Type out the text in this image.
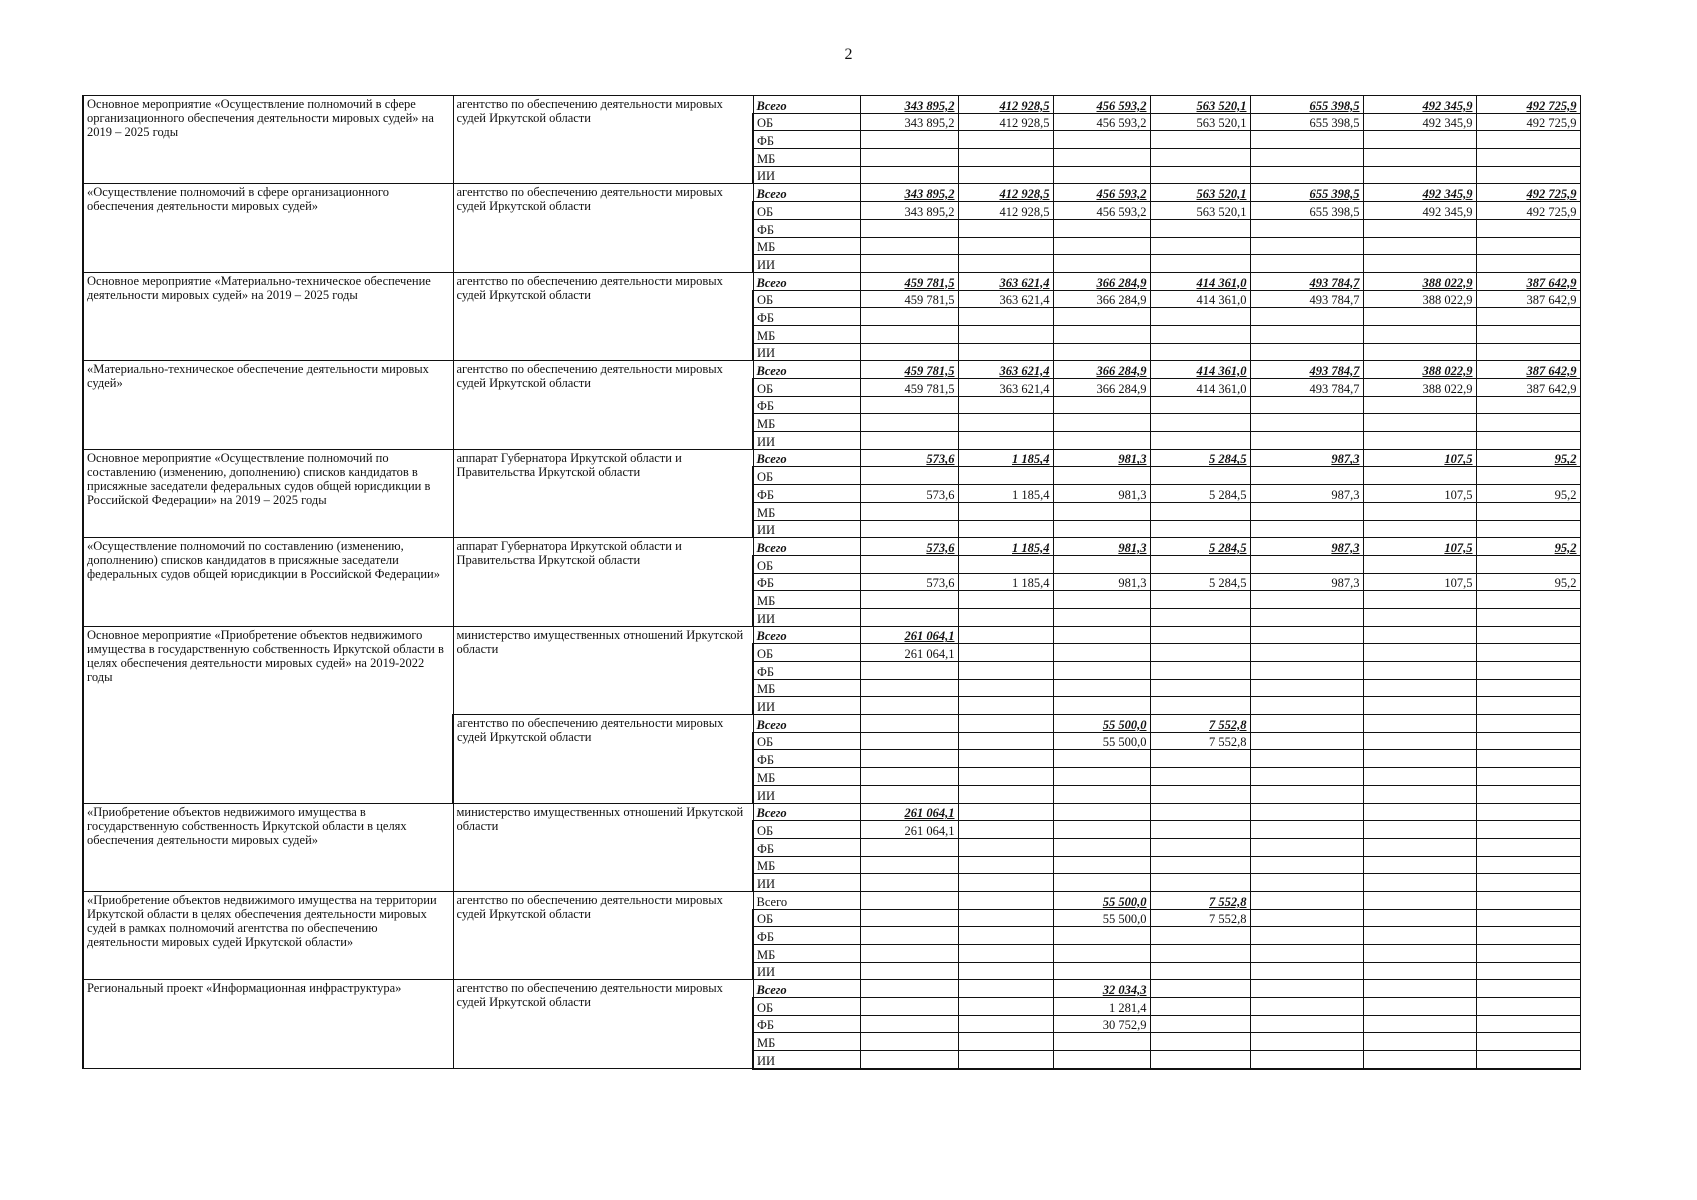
2
Основное мероприятие «Осуществление полномочий в сфере организационного обеспечения деятельности мировых судей» на 2019 – 2025 годы	агентство по обеспечению деятельности мировых судей Иркутской области	Всего	343 895,2	412 928,5	456 593,2	563 520,1	655 398,5	492 345,9	492 725,9
		ОБ	343 895,2	412 928,5	456 593,2	563 520,1	655 398,5	492 345,9	492 725,9
		ФБ							
		МБ							
		ИИ							
«Осуществление полномочий в сфере организационного обеспечения деятельности мировых судей»	агентство по обеспечению деятельности мировых судей Иркутской области	Всего	343 895,2	412 928,5	456 593,2	563 520,1	655 398,5	492 345,9	492 725,9
		ОБ	343 895,2	412 928,5	456 593,2	563 520,1	655 398,5	492 345,9	492 725,9
		ФБ							
		МБ							
		ИИ							
Основное мероприятие «Материально-техническое обеспечение деятельности мировых судей» на 2019 – 2025 годы	агентство по обеспечению деятельности мировых судей Иркутской области	Всего	459 781,5	363 621,4	366 284,9	414 361,0	493 784,7	388 022,9	387 642,9
		ОБ	459 781,5	363 621,4	366 284,9	414 361,0	493 784,7	388 022,9	387 642,9
		ФБ							
		МБ							
		ИИ							
«Материально-техническое обеспечение деятельности мировых судей»	агентство по обеспечению деятельности мировых судей Иркутской области	Всего	459 781,5	363 621,4	366 284,9	414 361,0	493 784,7	388 022,9	387 642,9
		ОБ	459 781,5	363 621,4	366 284,9	414 361,0	493 784,7	388 022,9	387 642,9
		ФБ							
		МБ							
		ИИ							
Основное мероприятие «Осуществление полномочий по составлению (изменению, дополнению) списков кандидатов в присяжные заседатели федеральных судов общей юрисдикции в Российской Федерации» на 2019 – 2025 годы	аппарат Губернатора Иркутской области и Правительства Иркутской области	Всего	573,6	1 185,4	981,3	5 284,5	987,3	107,5	95,2
		ОБ							
		ФБ	573,6	1 185,4	981,3	5 284,5	987,3	107,5	95,2
		МБ							
		ИИ							
«Осуществление полномочий по составлению (изменению, дополнению) списков кандидатов в присяжные заседатели федеральных судов общей юрисдикции в Российской Федерации»	аппарат Губернатора Иркутской области и Правительства Иркутской области	Всего	573,6	1 185,4	981,3	5 284,5	987,3	107,5	95,2
		ОБ							
		ФБ	573,6	1 185,4	981,3	5 284,5	987,3	107,5	95,2
		МБ							
		ИИ							
Основное мероприятие «Приобретение объектов недвижимого имущества в государственную собственность Иркутской области в целях обеспечения деятельности мировых судей» на 2019-2022 годы	министерство имущественных отношений Иркутской области	Всего	261 064,1						
		ОБ	261 064,1						
		ФБ							
		МБ							
		ИИ							
	агентство по обеспечению деятельности мировых судей Иркутской области	Всего			55 500,0	7 552,8			
		ОБ			55 500,0	7 552,8			
		ФБ							
		МБ							
		ИИ							
«Приобретение объектов недвижимого имущества в государственную собственность Иркутской области в целях обеспечения деятельности мировых судей»	министерство имущественных отношений Иркутской области	Всего	261 064,1						
		ОБ	261 064,1						
		ФБ							
		МБ							
		ИИ							
«Приобретение объектов недвижимого имущества на территории Иркутской области в целях обеспечения деятельности мировых судей в рамках полномочий агентства по обеспечению деятельности мировых судей Иркутской области»	агентство по обеспечению деятельности мировых судей Иркутской области	Всего			55 500,0	7 552,8			
		ОБ			55 500,0	7 552,8			
		ФБ							
		МБ							
		ИИ							
Региональный проект «Информационная инфраструктура»	агентство по обеспечению деятельности мировых судей Иркутской области	Всего			32 034,3				
		ОБ			1 281,4				
		ФБ			30 752,9				
		МБ							
		ИИ							
